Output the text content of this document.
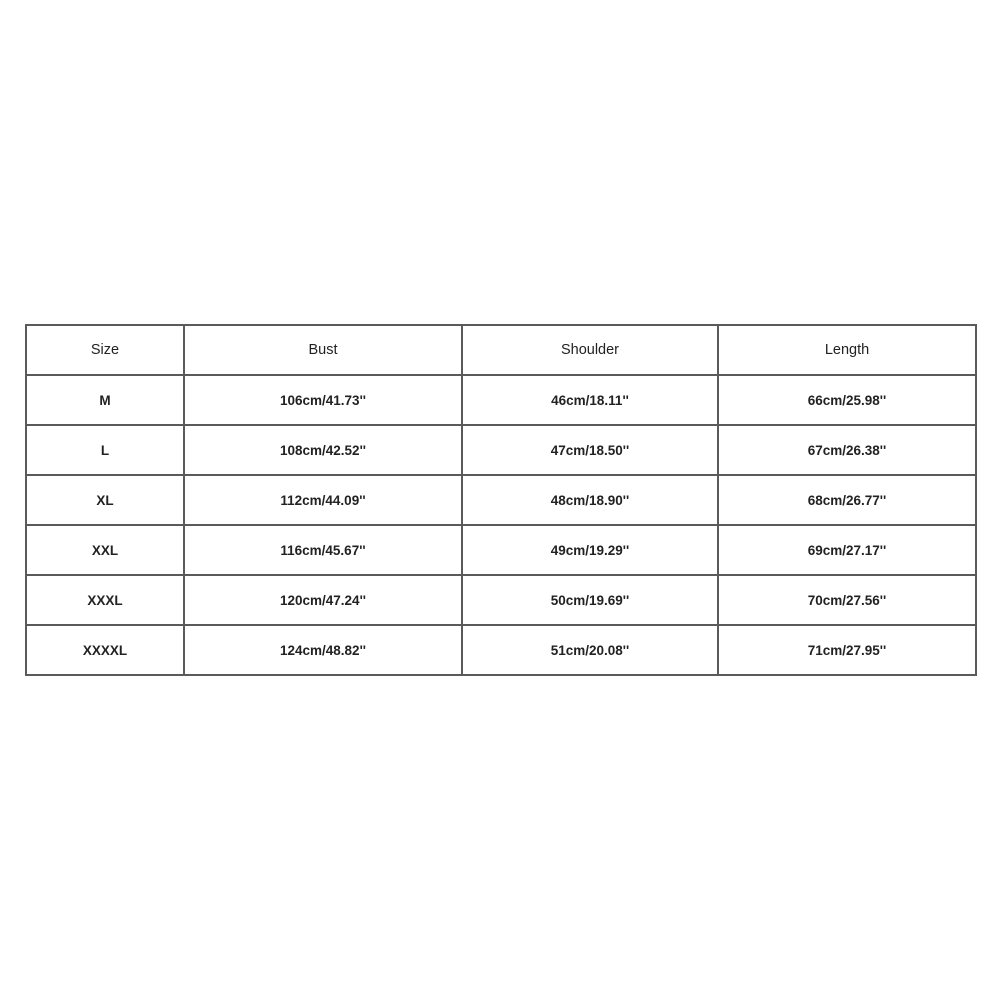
Size	Bust	Shoulder	Length
M	106cm/41.73''	46cm/18.11''	66cm/25.98''
L	108cm/42.52''	47cm/18.50''	67cm/26.38''
XL	112cm/44.09''	48cm/18.90''	68cm/26.77''
XXL	116cm/45.67''	49cm/19.29''	69cm/27.17''
XXXL	120cm/47.24''	50cm/19.69''	70cm/27.56''
XXXXL	124cm/48.82''	51cm/20.08''	71cm/27.95''
